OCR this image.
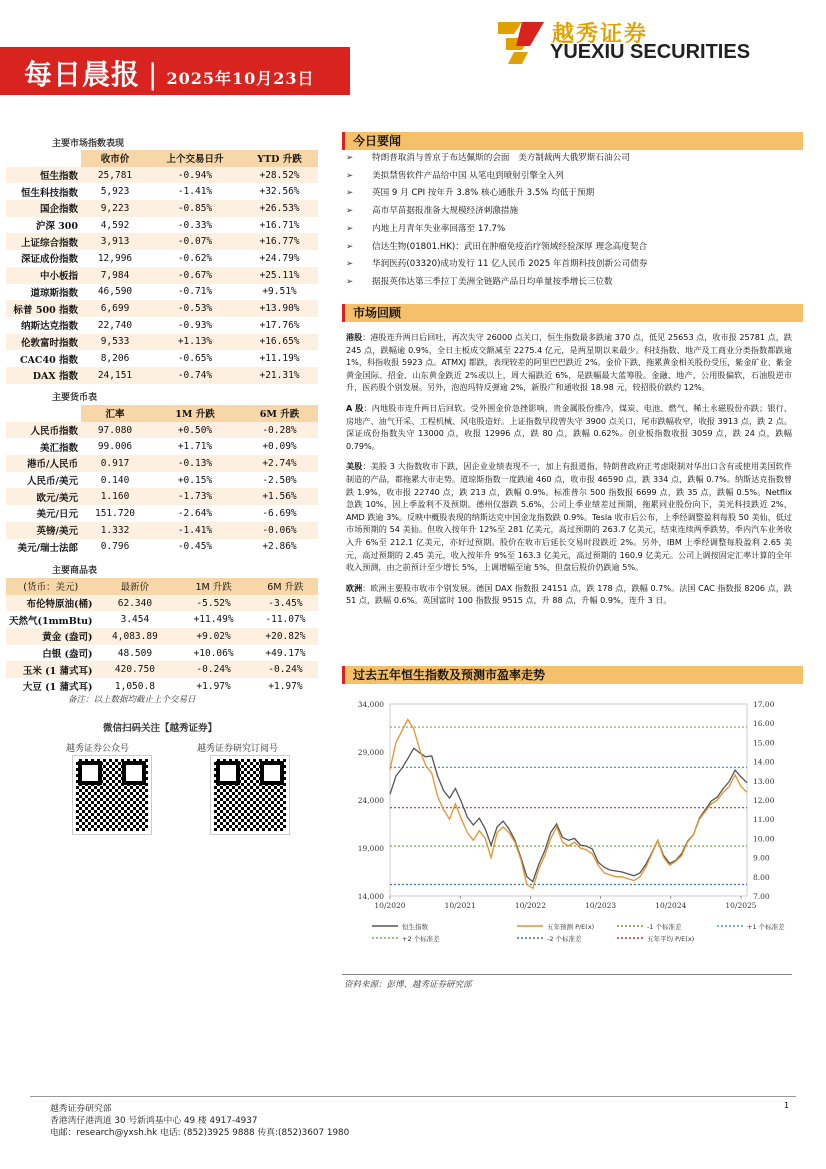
每日晨报 | 2025年10月23日
越秀证券
YUEXIU SECURITIES
主要市场指数表现
	收市价	上个交易日升	YTD 升跌
恒生指数	25,781	-0.94%	+28.52%
恒生科技指数	5,923	-1.41%	+32.56%
国企指数	9,223	-0.85%	+26.53%
沪深 300	4,592	-0.33%	+16.71%
上证综合指数	3,913	-0.07%	+16.77%
深证成份指数	12,996	-0.62%	+24.79%
中小板指	7,984	-0.67%	+25.11%
道琼斯指数	46,590	-0.71%	+9.51%
标普 500 指数	6,699	-0.53%	+13.90%
纳斯达克指数	22,740	-0.93%	+17.76%
伦敦富时指数	9,533	+1.13%	+16.65%
CAC40 指数	8,206	-0.65%	+11.19%
DAX 指数	24,151	-0.74%	+21.31%
主要货币表
	汇率	1M 升跌	6M 升跌
人民币指数	97.080	+0.50%	-0.28%
美汇指数	99.006	+1.71%	+0.09%
港币/人民币	0.917	-0.13%	+2.74%
人民币/美元	0.140	+0.15%	-2.50%
欧元/美元	1.160	-1.73%	+1.56%
美元/日元	151.720	-2.64%	-6.69%
英镑/美元	1.332	-1.41%	-0.06%
美元/瑞士法郎	0.796	-0.45%	+2.86%
主要商品表
(货币：美元)	最新价	1M 升跌	6M 升跌
布伦特原油(桶)	62.340	-5.52%	-3.45%
天然气(1mmBtu)	3.454	+11.49%	-11.07%
黄金 (盎司)	4,083.89	+9.02%	+20.82%
白银 (盎司)	48.509	+10.06%	+49.17%
玉米 (1 蒲式耳)	420.750	-0.24%	-0.24%
大豆 (1 蒲式耳)	1,050.8	+1.97%	+1.97%
备注：以上数据均截止上个交易日
微信扫码关注【越秀证券】
越秀证券公众号	越秀证券研究订阅号
今日要闻
➢ 特朗普取消与普京于布达佩斯的会面　美方制裁两大俄罗斯石油公司
➢ 美拟禁售软件产品给中国 从笔电到喷射引擎全入列
➢ 英国 9 月 CPI 按年升 3.8% 核心通胀升 3.5% 均低于预期
➢ 高市早苗据报准备大规模经济刺激措施
➢ 内地上月青年失业率回落至 17.7%
➢ 信达生物(01801.HK)：武田在肿瘤免疫治疗领域经验深厚 理念高度契合
➢ 华润医药(03320)成功发行 11 亿人民币 2025 年首期科技创新公司债券
➢ 据报英伟达第三季拉丁美洲全链路产品日均单量按季增长三位数
市场回顾
港股：港股连升两日后回吐，再次失守 26000 点关口，恒生指数最多跌逾 370 点，低见 25653 点，收市报 25781 点，跌 245 点，跌幅逾 0.9%，全日主板成交额减至 2275.4 亿元，是两星期以来最少。科技指数、地产及工商业分类指数都跌逾 1%，科指收报 5923 点。ATMXJ 都跌，表现较差的阿里巴巴跌近 2%。金价下跌，拖累黄金相关股份受压，紫金矿业、紫金黄金国际、招金、山东黄金跌近 2%或以上，周大福跌近 6%，是跌幅最大蓝筹股。金融、地产、公用股偏软，石油股逆市升，医药股个别发展。另外，泡泡玛特反弹逾 2%，新股广和通收报 18.98 元，较招股价跌约 12%。
A 股：内地股市连升两日后回软。受外围金价急挫影响，贵金属股份推冷，煤炭、电池、燃气、稀土永磁股份亦跌；银行、房地产、油气开采、工程机械、风电股造好。上证指数早段曾失守 3900 点关口，尾市跌幅收窄，收报 3913 点，跌 2 点。深证成份指数失守 13000 点，收报 12996 点，跌 80 点，跌幅 0.62%。创业板指数收报 3059 点，跌 24 点，跌幅 0.79%。
美股：美股 3 大指数收市下跌，因企业业绩表现不一，加上有报道指，特朗普政府正考虑限制对华出口含有或使用美国软件制造的产品，都拖累大市走势。道琼斯指数一度跌逾 460 点，收市报 46590 点，跌 334 点，跌幅 0.7%。纳斯达克指数曾跌 1.9%，收市报 22740 点，跌 213 点，跌幅 0.9%。标准普尔 500 指数报 6699 点，跌 35 点，跌幅 0.5%。Netflix 急跌 10%，因上季盈利不及预期。德州仪器跌 5.6%，公司上季业绩差过预期，拖累同业股份向下，美光科技跌近 2%，AMD 跌逾 3%。反映中概股表现的纳斯达克中国金龙指数跌 0.9%。Tesla 收市后公布，上季经调整盈利每股 50 美仙，低过市场预期的 54 美仙。但收入按年升 12%至 281 亿美元，高过预期的 263.7 亿美元，结束连续两季跌势，季内汽车业务收入升 6%至 212.1 亿美元，亦好过预期。股价在收市后延长交易时段跌近 2%。另外，IBM 上季经调整每股盈利 2.65 美元，高过预期的 2.45 美元，收入按年升 9%至 163.3 亿美元，高过预期的 160.9 亿美元。公司上调按固定汇率计算的全年收入预测，由之前预计至少增长 5%，上调增幅至逾 5%，但盘后股价仍跌逾 5%。
欧洲：欧洲主要股市收市个别发展。德国 DAX 指数报 24151 点，跌 178 点，跌幅 0.7%。法国 CAC 指数报 8206 点，跌 51 点，跌幅 0.6%。英国富时 100 指数报 9515 点，升 88 点，升幅 0.9%，连升 3 日。
过去五年恒生指数及预测市盈率走势
34,000
29,000
24,000
19,000
14,000
17.00
16.00
15.00
14.00
13.00
12.00
11.00
10.00
9.00
8.00
7.00
10/2020	10/2021	10/2022	10/2023	10/2024	10/2025
恒生指数	五年预测 P/E(x)	-1 个标准差	+1 个标准差
+2 个标准差	-2 个标准差	五年平均 P/E(x)
资料来源：彭博、越秀证券研究部
越秀证券研究部
香港湾仔港湾道 30 号新鸿基中心 49 楼 4917-4937
电邮：research@yxsh.hk 电话: (852)3925 9888 传真:(852)3607 1980
1
